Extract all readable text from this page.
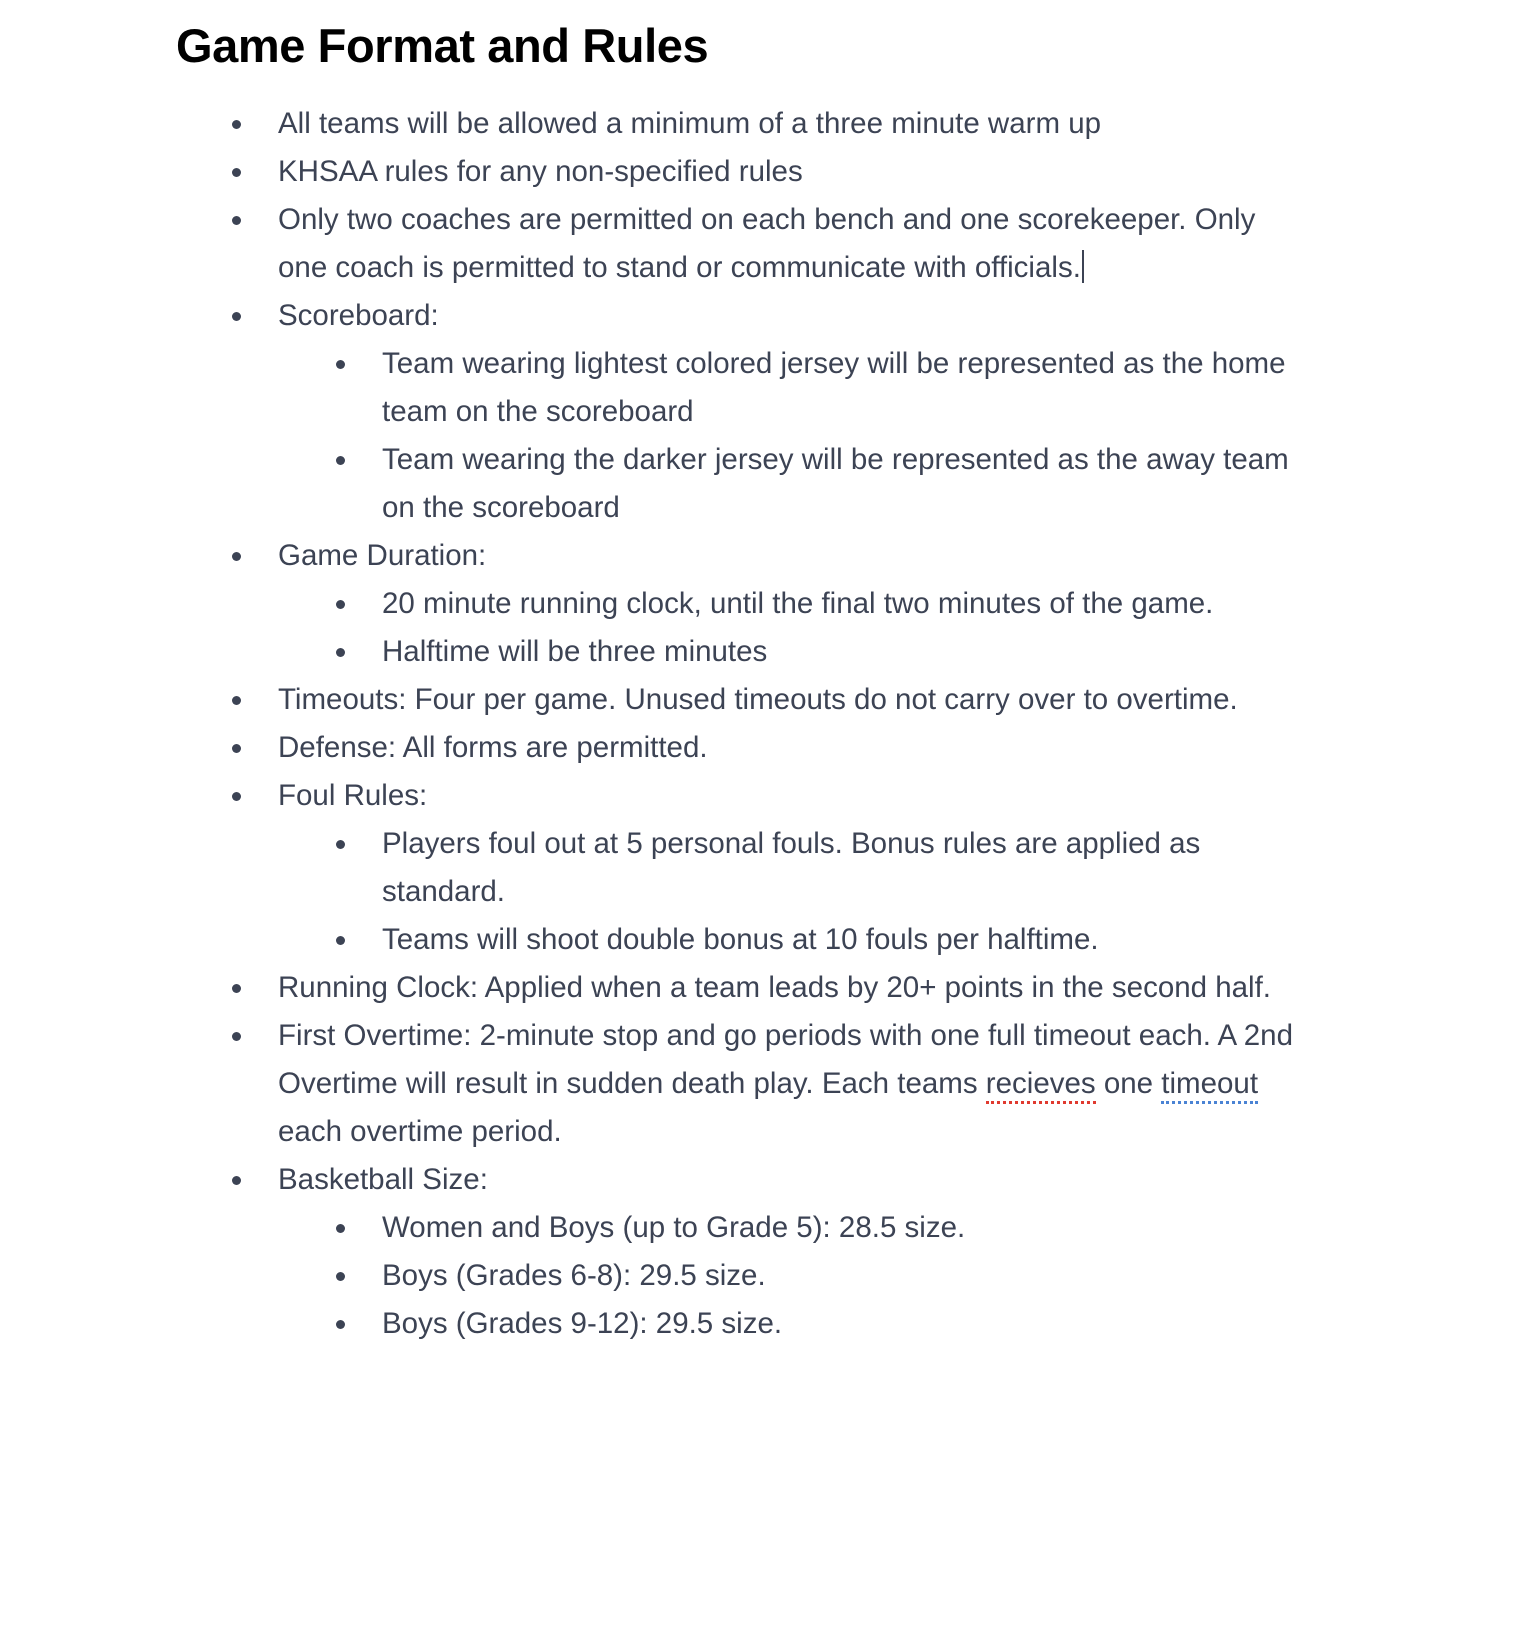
Game Format and Rules
All teams will be allowed a minimum of a three minute warm up
KHSAA rules for any non-specified rules
Only two coaches are permitted on each bench and one scorekeeper. Only one coach is permitted to stand or communicate with officials.
Scoreboard:
Team wearing lightest colored jersey will be represented as the home team on the scoreboard
Team wearing the darker jersey will be represented as the away team on the scoreboard
Game Duration:
20 minute running clock, until the final two minutes of the game.
Halftime will be three minutes
Timeouts: Four per game. Unused timeouts do not carry over to overtime.
Defense: All forms are permitted.
Foul Rules:
Players foul out at 5 personal fouls. Bonus rules are applied as standard.
Teams will shoot double bonus at 10 fouls per halftime.
Running Clock: Applied when a team leads by 20+ points in the second half.
First Overtime: 2-minute stop and go periods with one full timeout each. A 2nd Overtime will result in sudden death play. Each teams recieves one timeout each overtime period.
Basketball Size:
Women and Boys (up to Grade 5): 28.5 size.
Boys (Grades 6-8): 29.5 size.
Boys (Grades 9-12): 29.5 size.
